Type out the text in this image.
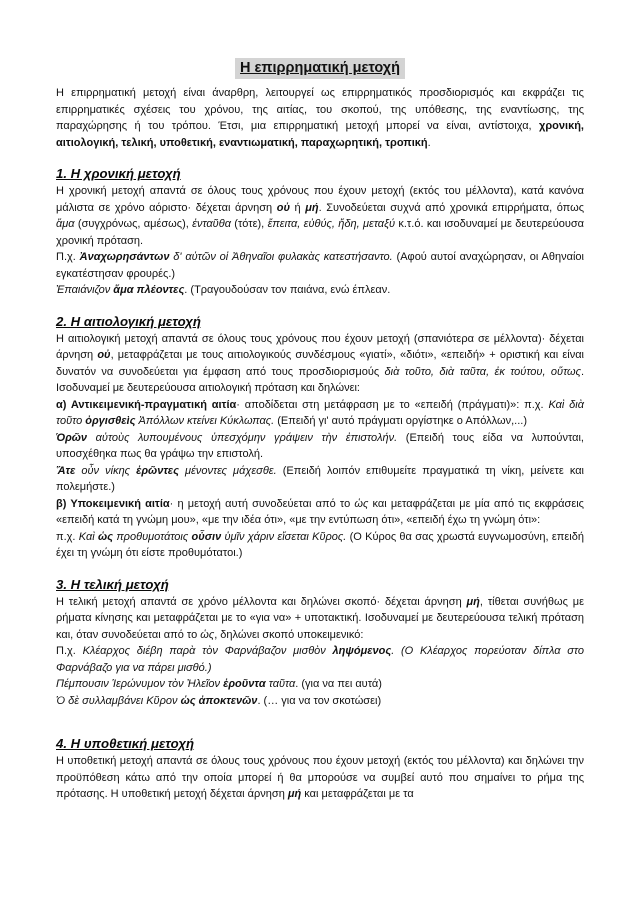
Η επιρρηματική μετοχή

Η επιρρηματική μετοχή είναι άναρθρη, λειτουργεί ως επιρρηματικός προσδιορισμός και εκφράζει τις επιρρηματικές σχέσεις του χρόνου, της αιτίας, του σκοπού, της υπόθεσης, της εναντίωσης, της παραχώρησης ή του τρόπου. Έτσι, μια επιρρηματική μετοχή μπορεί να είναι, αντίστοιχα, χρονική, αιτιολογική, τελική, υποθετική, εναντιωματική, παραχωρητική, τροπική.

1. Η χρονική μετοχή

Η χρονική μετοχή απαντά σε όλους τους χρόνους που έχουν μετοχή (εκτός του μέλλοντα), κατά κανόνα μάλιστα σε χρόνο αόριστο· δέχεται άρνηση οὐ ή μή. Συνοδεύεται συχνά από χρονικά επιρρήματα, όπως ἅμα (συγχρόνως, αμέσως), ἐνταῦθα (τότε), ἔπειτα, εὐθύς, ἤδη, μεταξύ κ.τ.ό. και ισοδυναμεί με δευτερεύουσα χρονική πρόταση.

Π.χ. Ἀναχωρησάντων δ' αὐτῶν οἱ Ἀθηναῖοι φυλακὰς κατεστήσαντο. (Αφού αυτοί αναχώρησαν, οι Αθηναίοι εγκατέστησαν φρουρές.)

Ἐπαιάνιζον ἅμα πλέοντες. (Τραγουδούσαν τον παιάνα, ενώ έπλεαν.

2. Η αιτιολογική μετοχή

Η αιτιολογική μετοχή απαντά σε όλους τους χρόνους που έχουν μετοχή (σπανιότερα σε μέλλοντα)· δέχεται άρνηση οὐ, μεταφράζεται με τους αιτιολογικούς συνδέσμους «γιατί», «διότι», «επειδή» + οριστική και είναι δυνατόν να συνοδεύεται για έμφαση από τους προσδιορισμούς διὰ τοῦτο, διὰ ταῦτα, ἐκ τούτου, οὕτως. Ισοδυναμεί με δευτερεύουσα αιτιολογική πρόταση και δηλώνει:

α) Αντικειμενική-πραγματική αιτία· αποδίδεται στη μετάφραση με το «επειδή (πράγματι)»: π.χ. Καὶ διὰ τοῦτο ὀργισθεὶς Ἀπόλλων κτείνει Κύκλωπας. (Επειδή γι' αυτό πράγματι οργίστηκε ο Απόλλων,...)

Ὁρῶν αὐτοὺς λυπουμένους ὑπεσχόμην γράψειν τὴν ἐπιστολήν. (Επειδή τους είδα να λυπούνται, υποσχέθηκα πως θα γράψω την επιστολή.

Ἅτε οὖν νίκης ἐρῶντες μένοντες μάχεσθε. (Επειδή λοιπόν επιθυμείτε πραγματικά τη νίκη, μείνετε και πολεμήστε.)

β) Υποκειμενική αιτία· η μετοχή αυτή συνοδεύεται από το ὡς και μεταφράζεται με μία από τις εκφράσεις «επειδή κατά τη γνώμη μου», «με την ιδέα ότι», «με την εντύπωση ότι», «επειδή έχω τη γνώμη ότι»:

π.χ. Καὶ ὡς προθυμοτάτοις οὖσιν ὑμῖν χάριν εἴσεται Κῦρος. (Ο Κύρος θα σας χρωστά ευγνωμοσύνη, επειδή έχει τη γνώμη ότι είστε προθυμότατοι.)

3. Η τελική μετοχή

Η τελική μετοχή απαντά σε χρόνο μέλλοντα και δηλώνει σκοπό· δέχεται άρνηση μή, τίθεται συνήθως με ρήματα κίνησης και μεταφράζεται με το «για να» + υποτακτική. Ισοδυναμεί με δευτερεύουσα τελική πρόταση και, όταν συνοδεύεται από το ὡς, δηλώνει σκοπό υποκειμενικό:

Π.χ. Κλέαρχος διέβη παρὰ τὸν Φαρνάβαζον μισθὸν ληψόμενος. (Ο Κλέαρχος πορεύοταν δίπλα στο Φαρνάβαζο για να πάρει μισθό.)

Πέμπουσιν Ἱερώνυμον τὸν Ἠλεῖον ἐροῦντα ταῦτα. (για να πει αυτά)

Ὁ δὲ συλλαμβάνει Κῦρον ὡς ἀποκτενῶν. (… για να τον σκοτώσει)

4. Η υποθετική μετοχή

Η υποθετική μετοχή απαντά σε όλους τους χρόνους που έχουν μετοχή (εκτός του μέλλοντα) και δηλώνει την προϋπόθεση κάτω από την οποία μπορεί ή θα μπορούσε να συμβεί αυτό που σημαίνει το ρήμα της πρότασης. Η υποθετική μετοχή δέχεται άρνηση μή και μεταφράζεται με τα
